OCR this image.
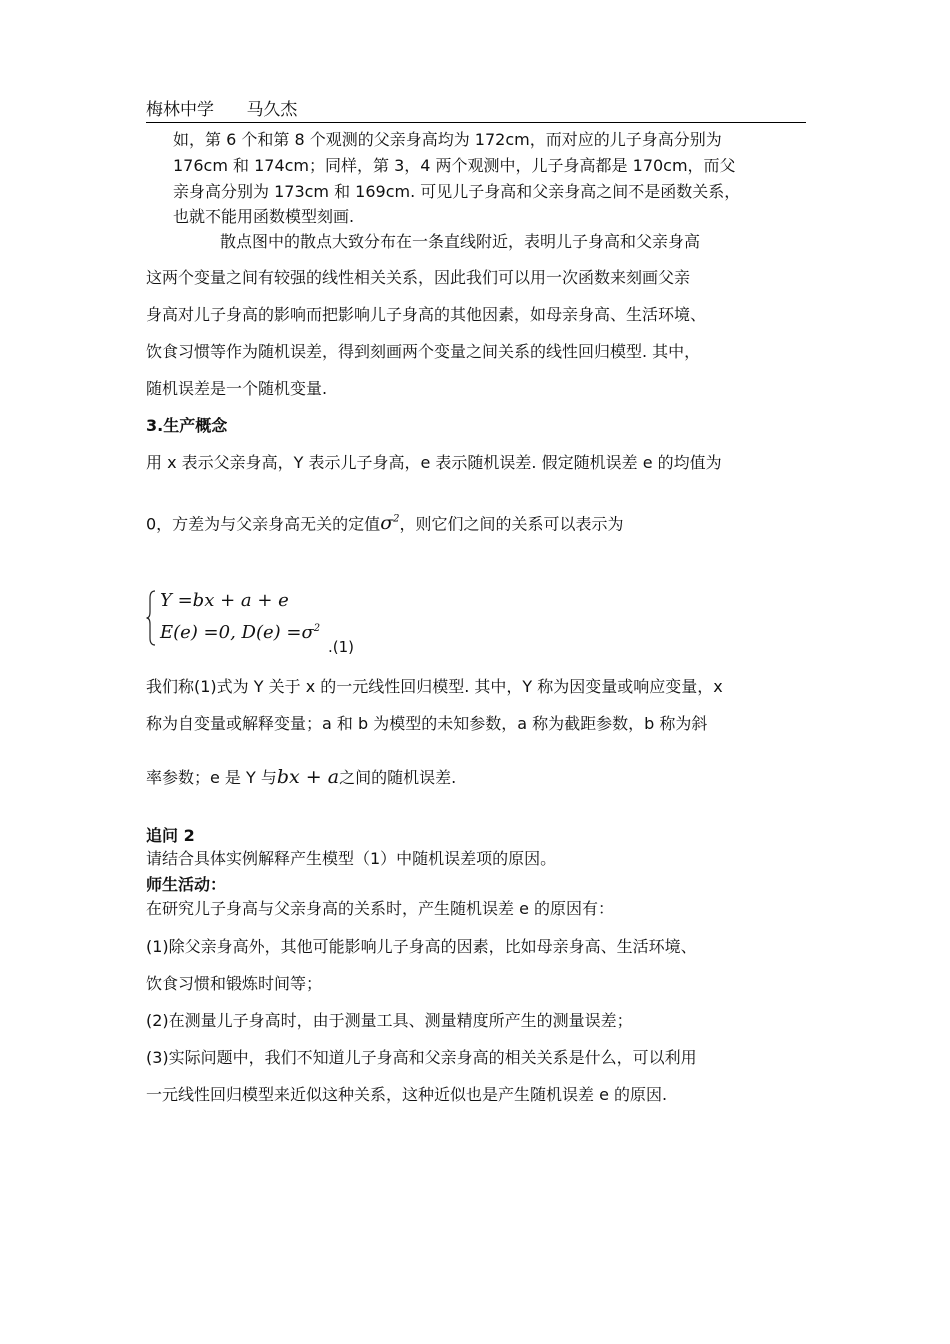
梅林中学 马久杰
如，第 6 个和第 8 个观测的父亲身高均为 172cm，而对应的儿子身高分别为
176cm 和 174cm；同样，第 3，4 两个观测中，儿子身高都是 170cm，而父
亲身高分别为 173cm 和 169cm. 可见儿子身高和父亲身高之间不是函数关系，
也就不能用函数模型刻画.
散点图中的散点大致分布在一条直线附近，表明儿子身高和父亲身高
这两个变量之间有较强的线性相关关系，因此我们可以用一次函数来刻画父亲
身高对儿子身高的影响而把影响儿子身高的其他因素，如母亲身高、生活环境、
饮食习惯等作为随机误差，得到刻画两个变量之间关系的线性回归模型. 其中，
随机误差是一个随机变量.
3.生产概念
用 x 表示父亲身高，Y 表示儿子身高，e 表示随机误差. 假定随机误差 e 的均值为
0，方差为与父亲身高无关的定值$\sigma^2$，则它们之间的关系可以表示为
Y =bx + a + e
E(e) =0, $D(e) =\sigma^2$
.(1)
我们称(1)式为 Y 关于 x 的一元线性回归模型. 其中，Y 称为因变量或响应变量，x
称为自变量或解释变量；a 和 b 为模型的未知参数，a 称为截距参数，b 称为斜
率参数；e 是 Y 与bx + a之间的随机误差.
追问 2
请结合具体实例解释产生模型（1）中随机误差项的原因。
师生活动：
在研究儿子身高与父亲身高的关系时，产生随机误差 e 的原因有：
(1)除父亲身高外，其他可能影响儿子身高的因素，比如母亲身高、生活环境、
饮食习惯和锻炼时间等；
(2)在测量儿子身高时，由于测量工具、测量精度所产生的测量误差；
(3)实际问题中，我们不知道儿子身高和父亲身高的相关关系是什么，可以利用
一元线性回归模型来近似这种关系，这种近似也是产生随机误差 e 的原因.
